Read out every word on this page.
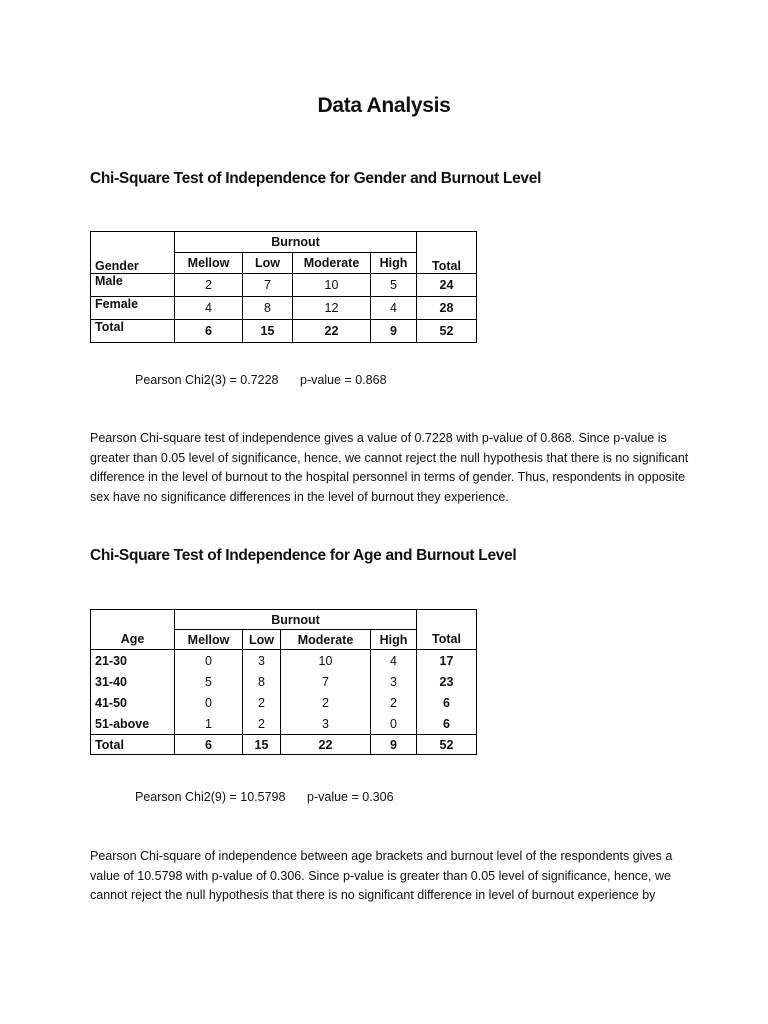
Data Analysis
Chi-Square Test of Independence for Gender and Burnout Level
	Burnout				
Gender	Mellow	Low	Moderate	High	Total
Male	2	7	10	5	24
Female	4	8	12	4	28
Total	6	15	22	9	52
Pearson Chi2(3) = 0.7228 p-value = 0.868
Pearson Chi-square test of independence gives a value of 0.7228 with p-value of 0.868. Since p-value is greater than 0.05 level of significance, hence, we cannot reject the null hypothesis that there is no significant difference in the level of burnout to the hospital personnel in terms of gender. Thus, respondents in opposite sex have no significance differences in the level of burnout they experience.
Chi-Square Test of Independence for Age and Burnout Level
	Burnout				
Age	Mellow	Low	Moderate	High	Total
21-30	0	3	10	4	17
31-40	5	8	7	3	23
41-50	0	2	2	2	6
51-above	1	2	3	0	6
Total	6	15	22	9	52
Pearson Chi2(9) = 10.5798 p-value = 0.306
Pearson Chi-square of independence between age brackets and burnout level of the respondents gives a value of 10.5798 with p-value of 0.306. Since p-value is greater than 0.05 level of significance, hence, we cannot reject the null hypothesis that there is no significant difference in level of burnout experience by
